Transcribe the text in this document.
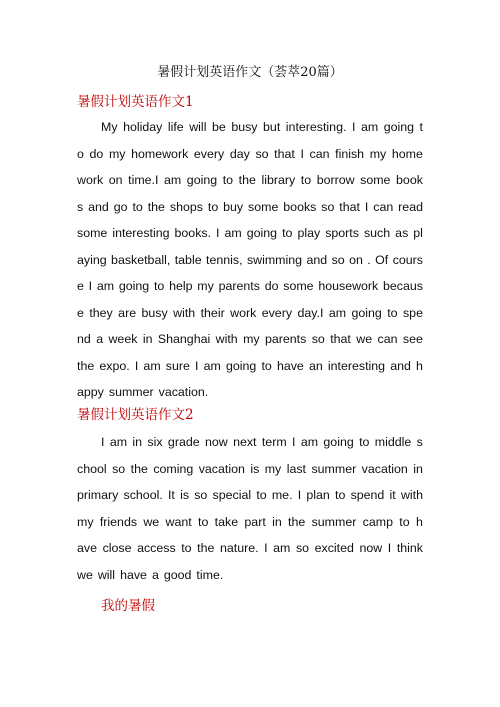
暑假计划英语作文（荟萃20篇）
暑假计划英语作文1
My holiday life will be busy but interesting. I am going t
o do my homework every day so that I can finish my home
work on time.I am going to the library to borrow some book
s and go to the shops to buy some books so that I can read
some interesting books. I am going to play sports such as pl
aying basketball, table tennis, swimming and so on . Of cours
e I am going to help my parents do some housework becaus
e they are busy with their work every day.I am going to spe
nd a week in Shanghai with my parents so that we can see
the expo. I am sure I am going to have an interesting and h
appy summer vacation.
暑假计划英语作文2
I am in six grade now next term I am going to middle s
chool so the coming vacation is my last summer vacation in
primary school. It is so special to me. I plan to spend it with
my friends we want to take part in the summer camp to h
ave close access to the nature. I am so excited now I think
we will have a good time.
我的暑假
